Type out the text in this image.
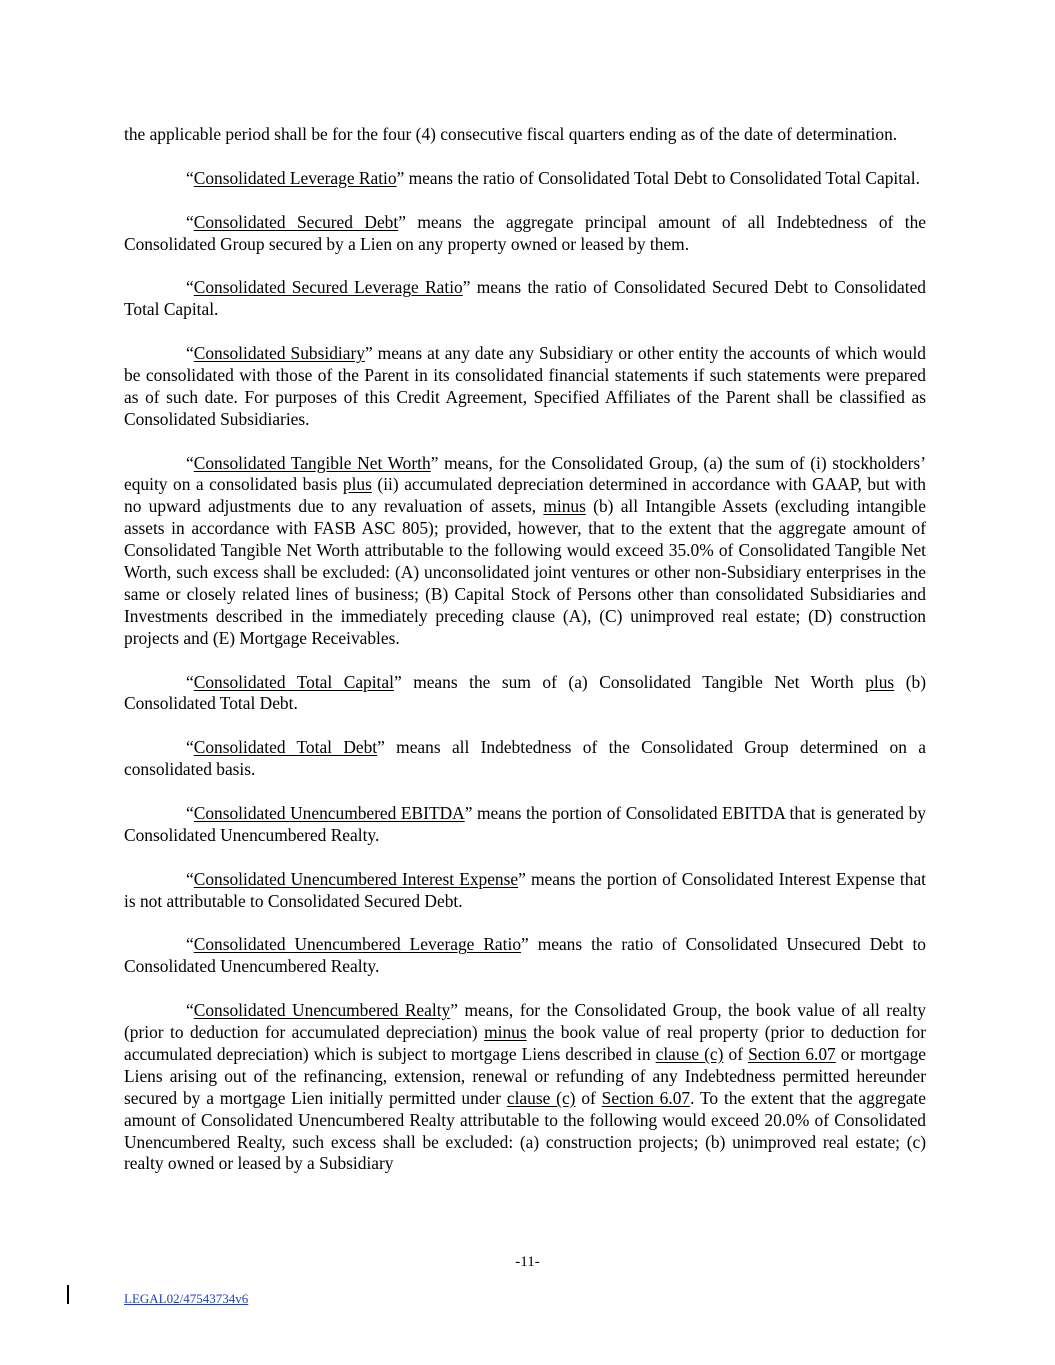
the applicable period shall be for the four (4) consecutive fiscal quarters ending as of the date of determination.

“Consolidated Leverage Ratio” means the ratio of Consolidated Total Debt to Consolidated Total Capital.

“Consolidated Secured Debt” means the aggregate principal amount of all Indebtedness of the Consolidated Group secured by a Lien on any property owned or leased by them.

“Consolidated Secured Leverage Ratio” means the ratio of Consolidated Secured Debt to Consolidated Total Capital.

“Consolidated Subsidiary” means at any date any Subsidiary or other entity the accounts of which would be consolidated with those of the Parent in its consolidated financial statements if such statements were prepared as of such date. For purposes of this Credit Agreement, Specified Affiliates of the Parent shall be classified as Consolidated Subsidiaries.

“Consolidated Tangible Net Worth” means, for the Consolidated Group, (a) the sum of (i) stockholders’ equity on a consolidated basis plus (ii) accumulated depreciation determined in accordance with GAAP, but with no upward adjustments due to any revaluation of assets, minus (b) all Intangible Assets (excluding intangible assets in accordance with FASB ASC 805); provided, however, that to the extent that the aggregate amount of Consolidated Tangible Net Worth attributable to the following would exceed 35.0% of Consolidated Tangible Net Worth, such excess shall be excluded: (A) unconsolidated joint ventures or other non-Subsidiary enterprises in the same or closely related lines of business; (B) Capital Stock of Persons other than consolidated Subsidiaries and Investments described in the immediately preceding clause (A), (C) unimproved real estate; (D) construction projects and (E) Mortgage Receivables.

“Consolidated Total Capital” means the sum of (a) Consolidated Tangible Net Worth plus (b) Consolidated Total Debt.

“Consolidated Total Debt” means all Indebtedness of the Consolidated Group determined on a consolidated basis.

“Consolidated Unencumbered EBITDA” means the portion of Consolidated EBITDA that is generated by Consolidated Unencumbered Realty.

“Consolidated Unencumbered Interest Expense” means the portion of Consolidated Interest Expense that is not attributable to Consolidated Secured Debt.

“Consolidated Unencumbered Leverage Ratio” means the ratio of Consolidated Unsecured Debt to Consolidated Unencumbered Realty.

“Consolidated Unencumbered Realty” means, for the Consolidated Group, the book value of all realty (prior to deduction for accumulated depreciation) minus the book value of real property (prior to deduction for accumulated depreciation) which is subject to mortgage Liens described in clause (c) of Section 6.07 or mortgage Liens arising out of the refinancing, extension, renewal or refunding of any Indebtedness permitted hereunder secured by a mortgage Lien initially permitted under clause (c) of Section 6.07. To the extent that the aggregate amount of Consolidated Unencumbered Realty attributable to the following would exceed 20.0% of Consolidated Unencumbered Realty, such excess shall be excluded: (a) construction projects; (b) unimproved real estate; (c) realty owned or leased by a Subsidiary

-11-
LEGAL02/47543734v6
